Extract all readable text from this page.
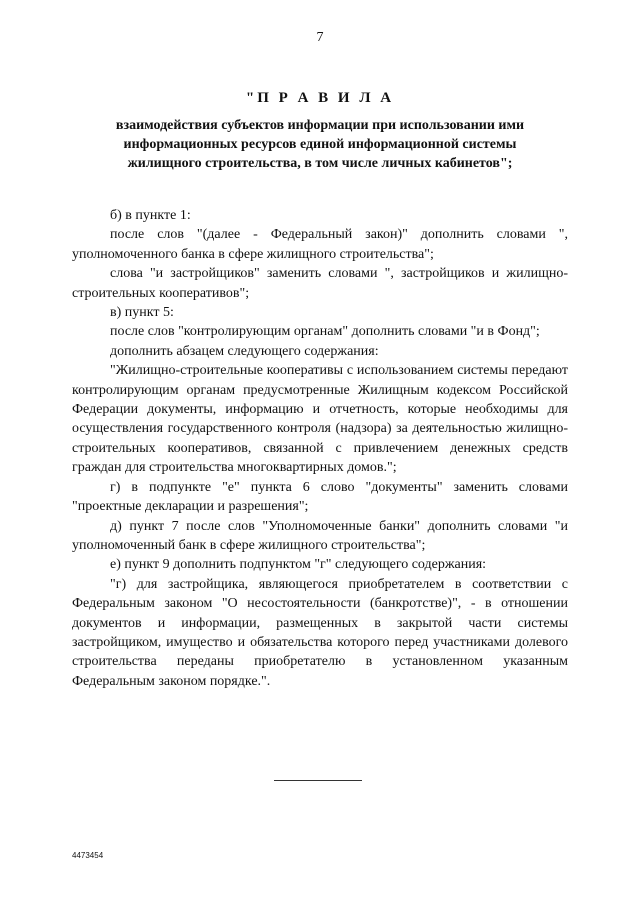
7
"П Р А В И Л А
взаимодействия субъектов информации при использовании ими
информационных ресурсов единой информационной системы
жилищного строительства, в том числе личных кабинетов";

б) в пункте 1:

после слов "(далее - Федеральный закон)" дополнить словами ", уполномоченного банка в сфере жилищного строительства";

слова "и застройщиков" заменить словами ", застройщиков и жилищно-строительных кооперативов";

в) пункт 5:

после слов "контролирующим органам" дополнить словами "и в Фонд";

дополнить абзацем следующего содержания:

"Жилищно-строительные кооперативы с использованием системы передают контролирующим органам предусмотренные Жилищным кодексом Российской Федерации документы, информацию и отчетность, которые необходимы для осуществления государственного контроля (надзора) за деятельностью жилищно-строительных кооперативов, связанной с привлечением денежных средств граждан для строительства многоквартирных домов.";

г) в подпункте "е" пункта 6 слово "документы" заменить словами "проектные декларации и разрешения";

д) пункт 7 после слов "Уполномоченные банки" дополнить словами "и уполномоченный банк в сфере жилищного строительства";

е) пункт 9 дополнить подпунктом "г" следующего содержания:

"г) для застройщика, являющегося приобретателем в соответствии с Федеральным законом "О несостоятельности (банкротстве)", - в отношении документов и информации, размещенных в закрытой части системы застройщиком, имущество и обязательства которого перед участниками долевого строительства переданы приобретателю в установленном указанным Федеральным законом порядке.".

4473454
